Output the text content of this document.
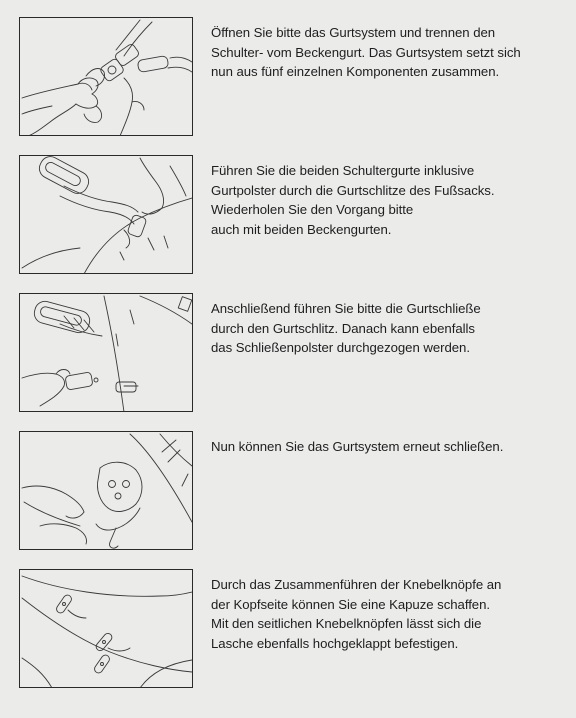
Öffnen Sie bitte das Gurtsystem und trennen den

Schulter- vom Beckengurt. Das Gurtsystem setzt sich

nun aus fünf einzelnen Komponenten zusammen.

Führen Sie die beiden Schultergurte inklusive

Gurtpolster durch die Gurtschlitze des Fußsacks.

Wiederholen Sie den Vorgang bitte

auch mit beiden Beckengurten.

Anschließend führen Sie bitte die Gurtschließe

durch den Gurtschlitz. Danach kann ebenfalls

das Schließenpolster durchgezogen werden.

Nun können Sie das Gurtsystem erneut schließen.

Durch das Zusammenführen der Knebelknöpfe an

der Kopfseite können Sie eine Kapuze schaffen.

Mit den seitlichen Knebelknöpfen lässt sich die

Lasche ebenfalls hochgeklappt befestigen.
